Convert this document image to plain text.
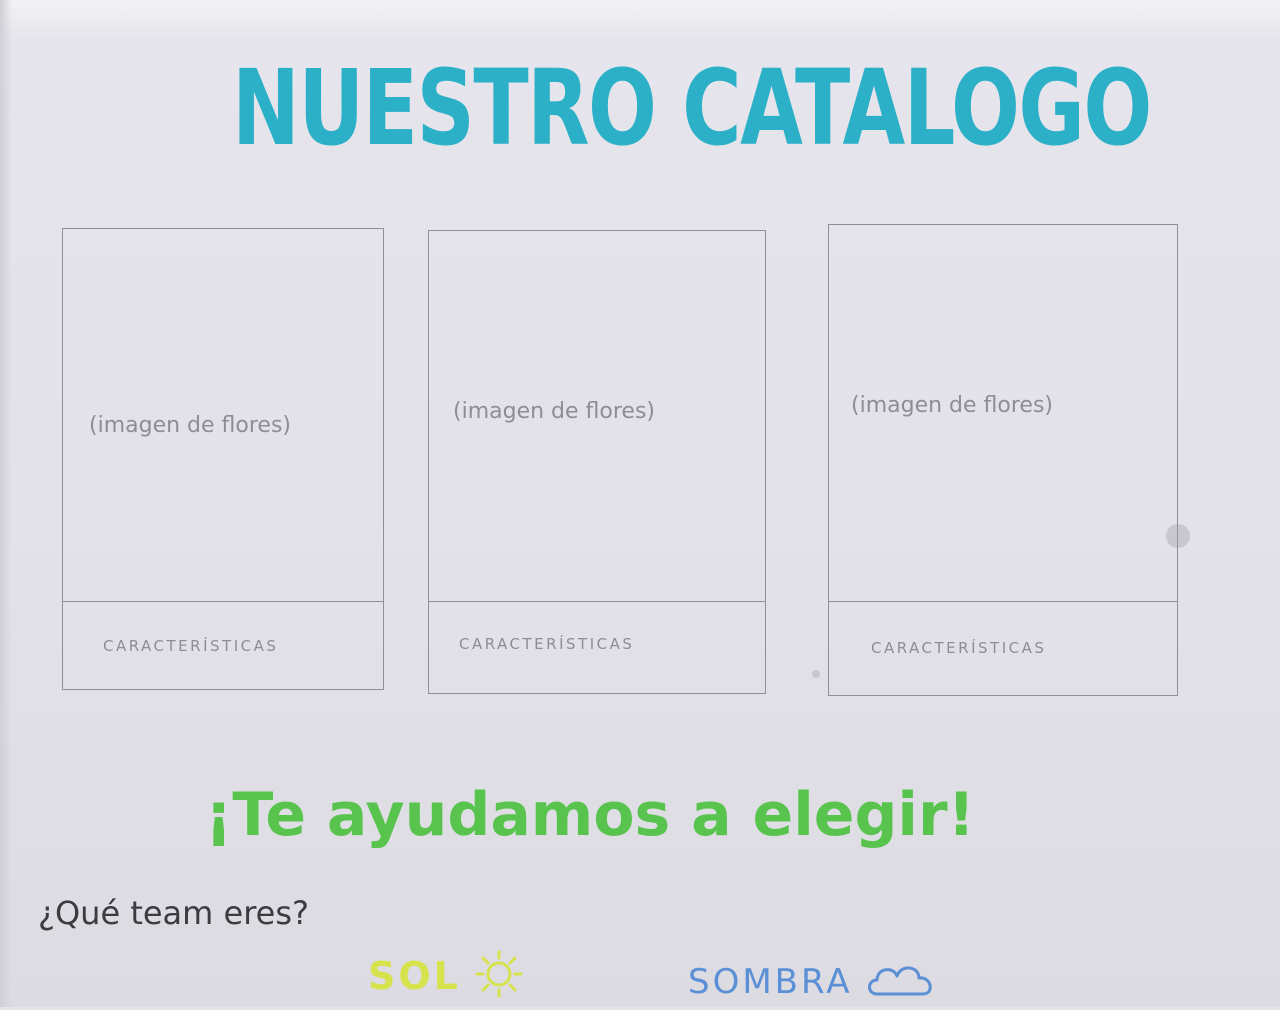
NUESTRO CATALOGO
(imagen de flores)
CARACTERÍSTICAS
(imagen de flores)
CARACTERÍSTICAS
(imagen de flores)
CARACTERÍSTICAS
¡Te ayudamos a elegir!
¿Qué team eres?
SOL	SOMBRA
